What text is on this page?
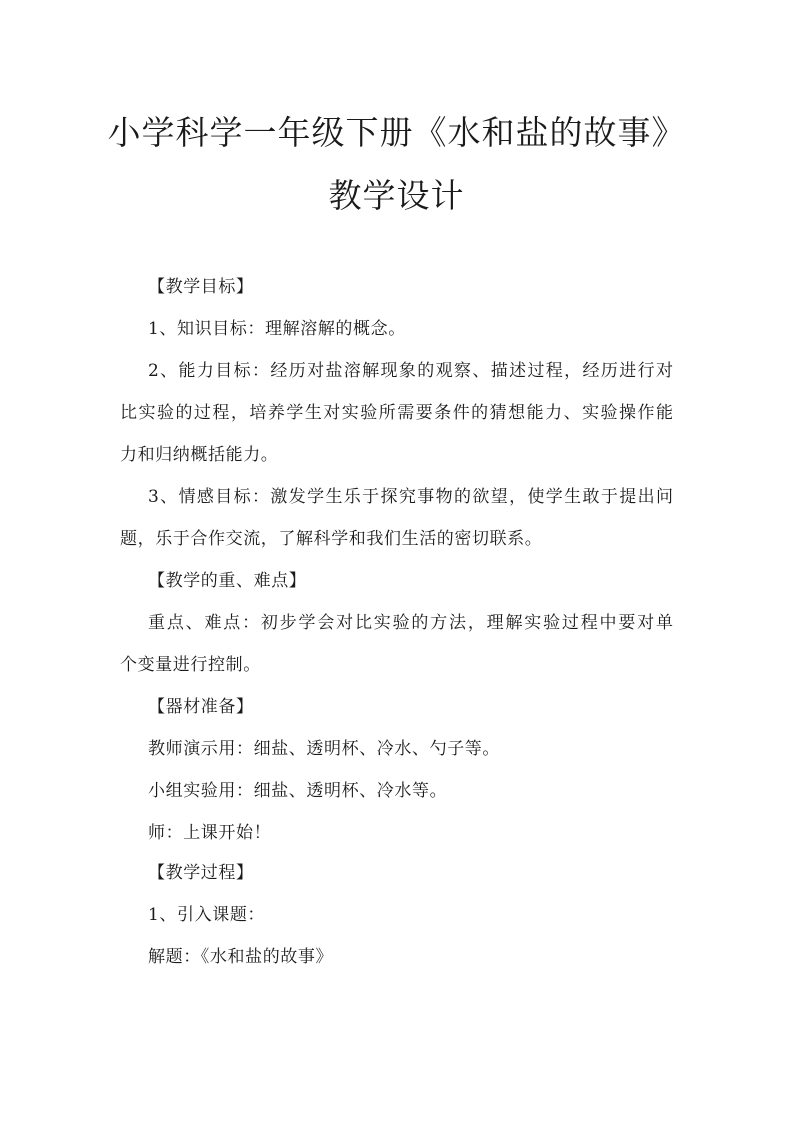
小学科学一年级下册《水和盐的故事》
教学设计
【教学目标】
1、知识目标：理解溶解的概念。
2、能力目标：经历对盐溶解现象的观察、描述过程，经历进行对
比实验的过程，培养学生对实验所需要条件的猜想能力、实验操作能
力和归纳概括能力。
3、情感目标：激发学生乐于探究事物的欲望，使学生敢于提出问
题，乐于合作交流，了解科学和我们生活的密切联系。
【教学的重、难点】
重点、难点：初步学会对比实验的方法，理解实验过程中要对单
个变量进行控制。
【器材准备】
教师演示用：细盐、透明杯、冷水、勺子等。
小组实验用：细盐、透明杯、冷水等。
师：上课开始！
【教学过程】
1、引入课题：
解题：《水和盐的故事》
